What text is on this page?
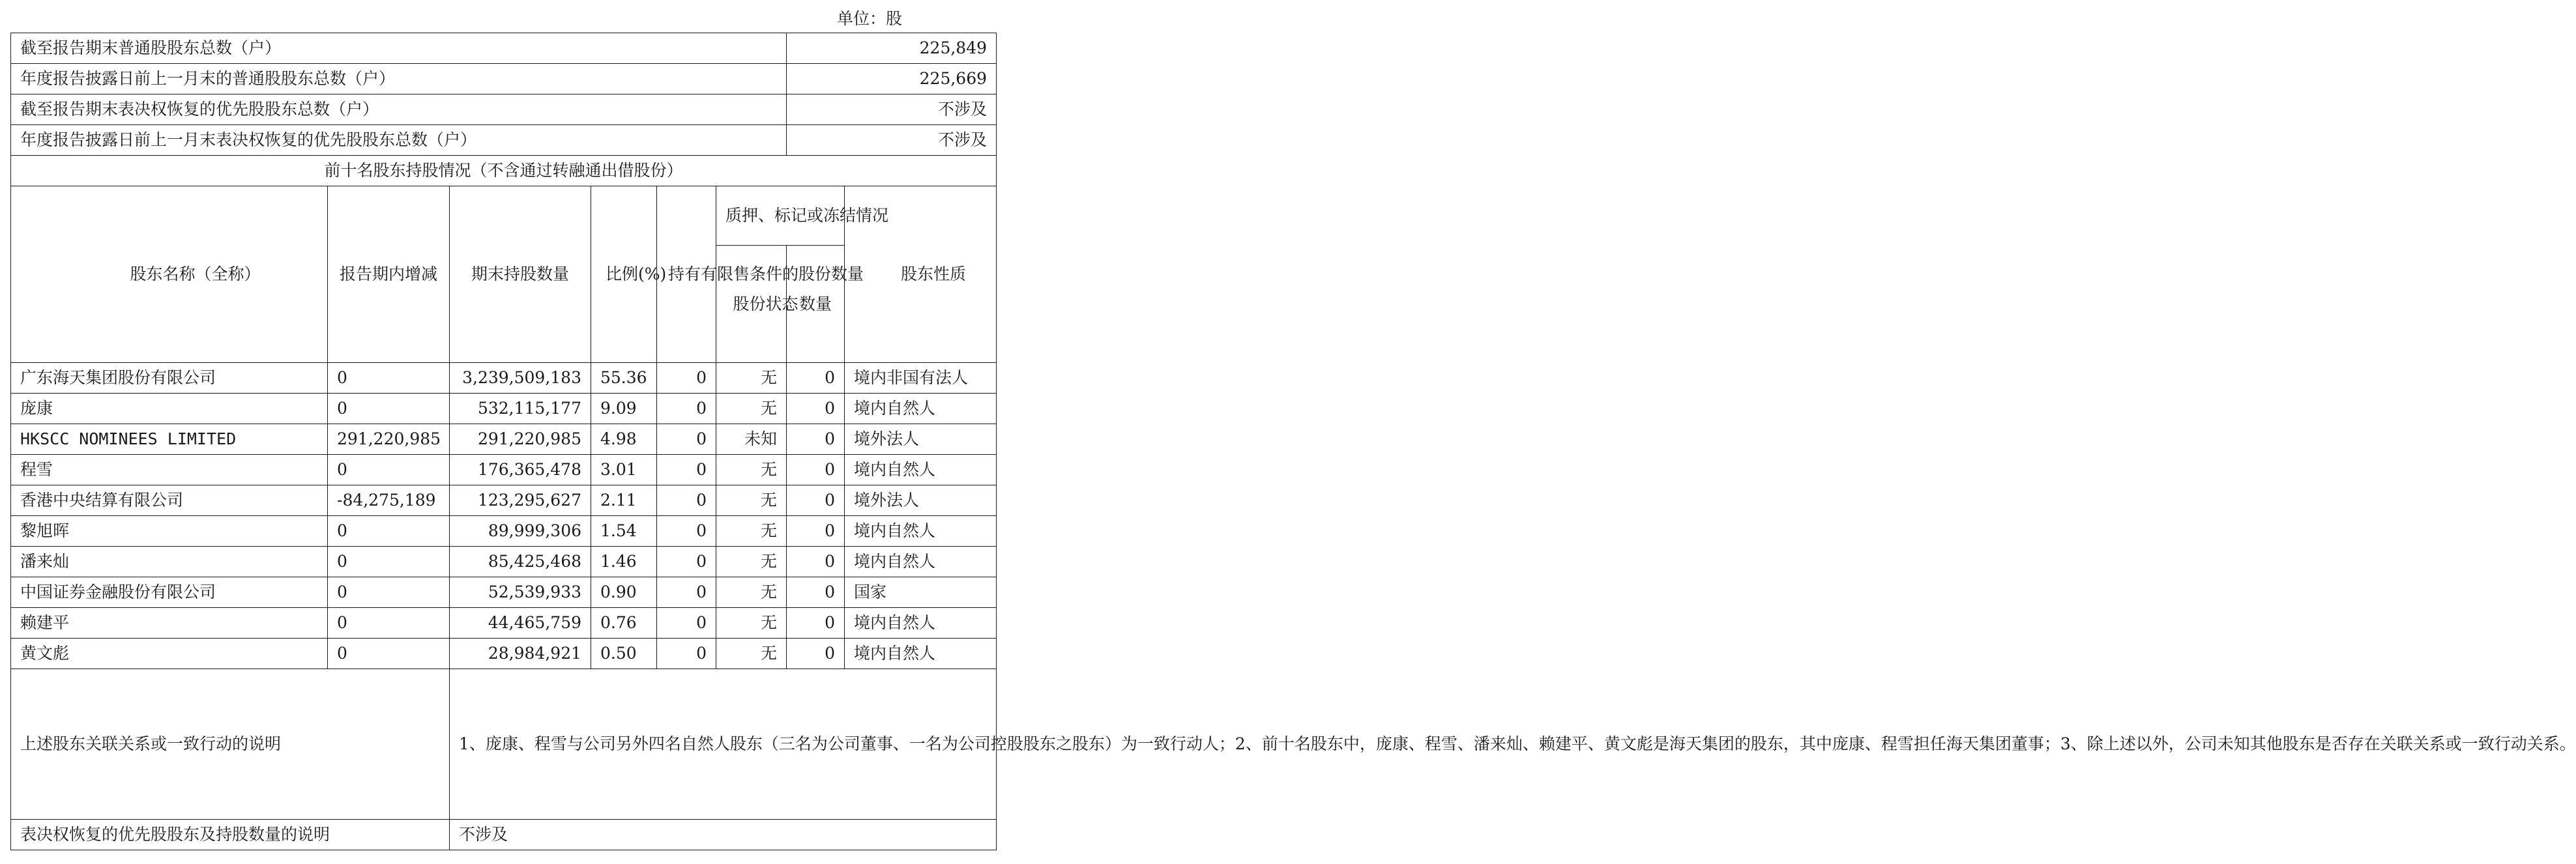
单位：股
截至报告期末普通股股东总数（户）						225,849	
年度报告披露日前上一月末的普通股股东总数（户）						225,669	
截至报告期末表决权恢复的优先股股东总数（户）						不涉及	
年度报告披露日前上一月末表决权恢复的优先股股东总数（户）						不涉及	
前十名股东持股情况（不含通过转融通出借股份）							
股东名称（全称）	报告期内增减	期末持股数量	比例(%)	持有有限售条件的股份数量	质押、标记或冻结情况		股东性质
					股份状态	数量	
广东海天集团股份有限公司	0	3,239,509,183	55.36	0	无	0	境内非国有法人
庞康	0	532,115,177	9.09	0	无	0	境内自然人
HKSCC NOMINEES LIMITED	291,220,985	291,220,985	4.98	0	未知	0	境外法人
程雪	0	176,365,478	3.01	0	无	0	境内自然人
香港中央结算有限公司	-84,275,189	123,295,627	2.11	0	无	0	境外法人
黎旭晖	0	89,999,306	1.54	0	无	0	境内自然人
潘来灿	0	85,425,468	1.46	0	无	0	境内自然人
中国证券金融股份有限公司	0	52,539,933	0.90	0	无	0	国家
赖建平	0	44,465,759	0.76	0	无	0	境内自然人
黄文彪	0	28,984,921	0.50	0	无	0	境内自然人
上述股东关联关系或一致行动的说明		1、庞康、程雪与公司另外四名自然人股东（三名为公司董事、一名为公司控股股东之股东）为一致行动人；2、前十名股东中，庞康、程雪、潘来灿、赖建平、黄文彪是海天集团的股东，其中庞康、程雪担任海天集团董事；3、除上述以外，公司未知其他股东是否存在关联关系或一致行动关系。					
表决权恢复的优先股股东及持股数量的说明		不涉及					
